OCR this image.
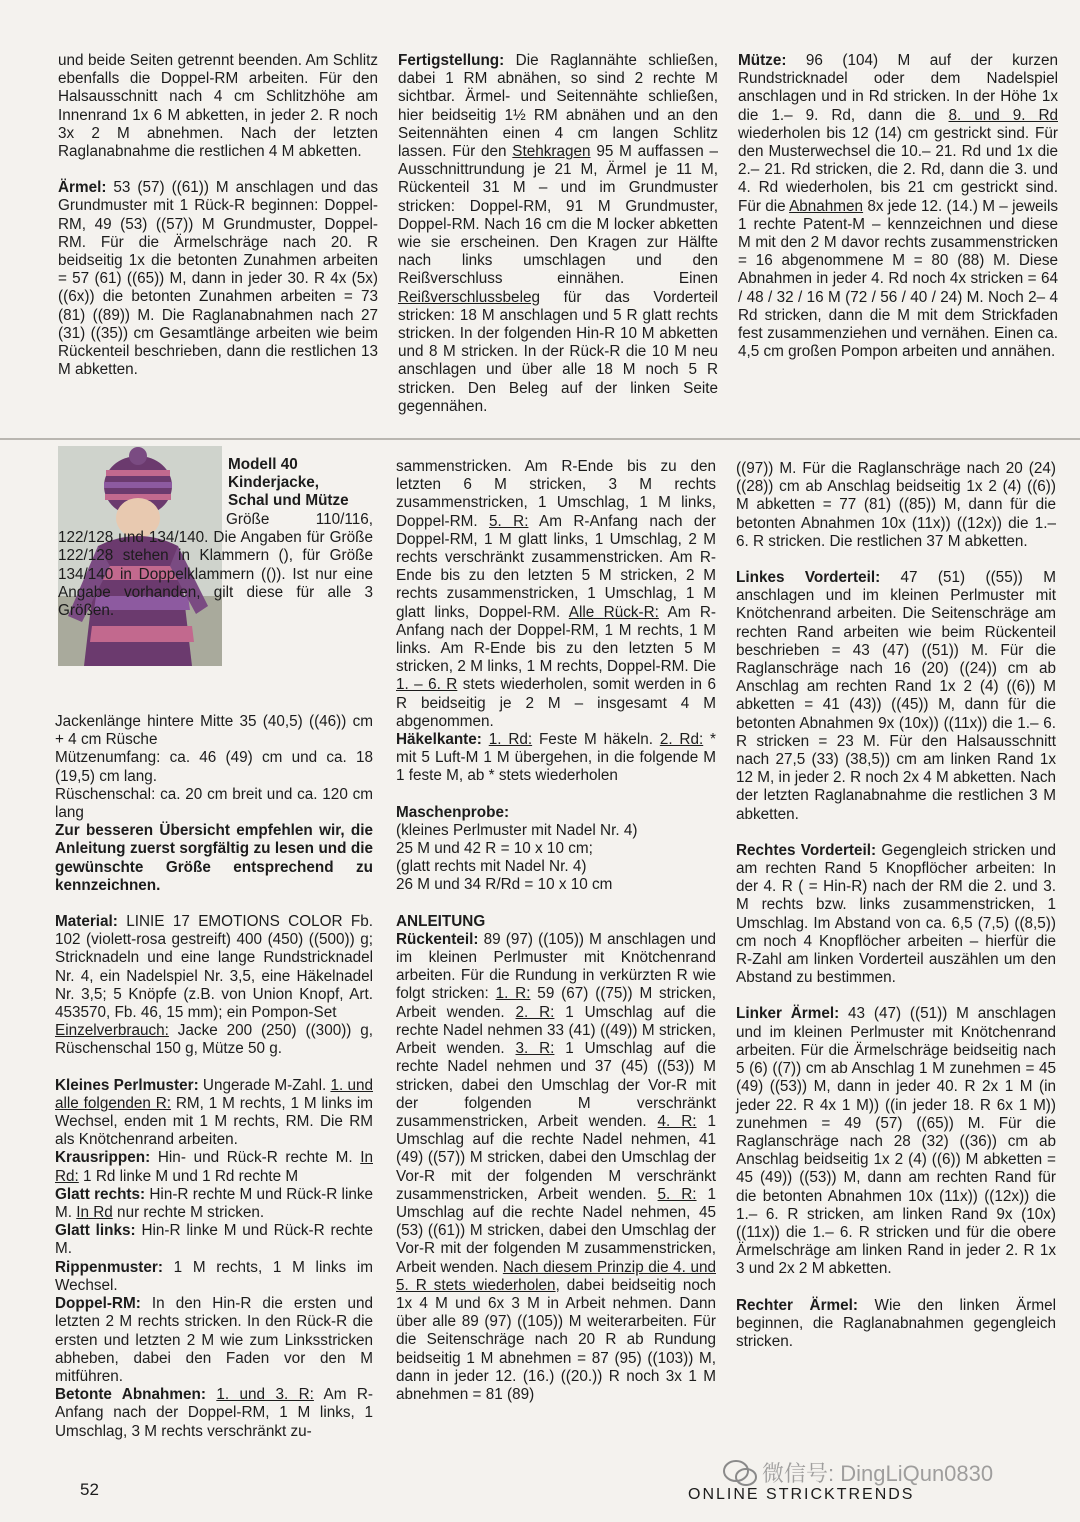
und beide Seiten getrennt beenden. Am Schlitz ebenfalls die Doppel-RM arbeiten. Für den Halsausschnitt nach 4 cm Schlitzhöhe am Innenrand 1x 6 M abketten, in jeder 2. R noch 3x 2 M abnehmen. Nach der letzten Raglanabnahme die restlichen 4 M abketten.

Ärmel: 53 (57) ((61)) M anschlagen und das Grundmuster mit 1 Rück-R beginnen: Doppel-RM, 49 (53) ((57)) M Grundmuster, Doppel-RM. Für die Ärmelschräge nach 20. R beidseitig 1x die betonten Zunahmen arbeiten = 57 (61) ((65)) M, dann in jeder 30. R 4x (5x) ((6x)) die betonten Zunahmen arbeiten = 73 (81) ((89)) M. Die Raglanabnahmen nach 27 (31) ((35)) cm Gesamtlänge arbeiten wie beim Rückenteil beschrieben, dann die restlichen 13 M abketten.

Fertigstellung: Die Raglannähte schließen, dabei 1 RM abnähen, so sind 2 rechte M sichtbar. Ärmel- und Seitennähte schließen, hier beidseitig 1½ RM abnähen und an den Seitennähten einen 4 cm langen Schlitz lassen. Für den Stehkragen 95 M auffassen – Ausschnittrundung je 21 M, Ärmel je 11 M, Rückenteil 31 M – und im Grundmuster stricken: Doppel-RM, 91 M Grundmuster, Doppel-RM. Nach 16 cm die M locker abketten wie sie erscheinen. Den Kragen zur Hälfte nach links umschlagen und den Reißverschluss einnähen. Einen Reißverschlussbeleg für das Vorderteil stricken: 18 M anschlagen und 5 R glatt rechts stricken. In der folgenden Hin-R 10 M abketten und 8 M stricken. In der Rück-R die 10 M neu anschlagen und über alle 18 M noch 5 R stricken. Den Beleg auf der linken Seite gegennähen.

Mütze: 96 (104) M auf der kurzen Rundstricknadel oder dem Nadelspiel anschlagen und in Rd stricken. In der Höhe 1x die 1.– 9. Rd, dann die 8. und 9. Rd wiederholen bis 12 (14) cm gestrickt sind. Für den Musterwechsel die 10.– 21. Rd und 1x die 2.– 21. Rd stricken, die 2. Rd, dann die 3. und 4. Rd wiederholen, bis 21 cm gestrickt sind. Für die Abnahmen 8x jede 12. (14.) M – jeweils 1 rechte Patent-M – kennzeichnen und diese M mit den 2 M davor rechts zusammenstricken = 16 abgenommene M = 80 (88) M. Diese Abnahmen in jeder 4. Rd noch 4x stricken = 64 / 48 / 32 / 16 M (72 / 56 / 40 / 24) M. Noch 2– 4 Rd stricken, dann die M mit dem Strickfaden fest zusammenziehen und vernähen. Einen ca. 4,5 cm großen Pompon arbeiten und annähen.

Modell 40
Kinderjacke,
Schal und Mütze
Größe 110/116, 122/128 und 134/140. Die Angaben für Größe 122/128 stehen in Klammern (), für Größe 134/140 in Doppelklammern (()). Ist nur eine Angabe vorhanden, gilt diese für alle 3 Größen.

Jackenlänge hintere Mitte 35 (40,5) ((46)) cm + 4 cm Rüsche

Mützenumfang: ca. 46 (49) cm und ca. 18 (19,5) cm lang.

Rüschenschal: ca. 20 cm breit und ca. 120 cm lang

Zur besseren Übersicht empfehlen wir, die Anleitung zuerst sorgfältig zu lesen und die gewünschte Größe entsprechend zu kennzeichnen.

Material: LINIE 17 EMOTIONS COLOR Fb. 102 (violett-rosa gestreift) 400 (450) ((500)) g; Stricknadeln und eine lange Rundstricknadel Nr. 4, ein Nadelspiel Nr. 3,5, eine Häkelnadel Nr. 3,5; 5 Knöpfe (z.B. von Union Knopf, Art. 453570, Fb. 46, 15 mm); ein Pompon-Set
Einzelverbrauch: Jacke 200 (250) ((300)) g, Rüschenschal 150 g, Mütze 50 g.

Kleines Perlmuster: Ungerade M-Zahl. 1. und alle folgenden R: RM, 1 M rechts, 1 M links im Wechsel, enden mit 1 M rechts, RM. Die RM als Knötchenrand arbeiten.

Krausrippen: Hin- und Rück-R rechte M. In Rd: 1 Rd linke M und 1 Rd rechte M

Glatt rechts: Hin-R rechte M und Rück-R linke M. In Rd nur rechte M stricken.

Glatt links: Hin-R linke M und Rück-R rechte M.

Rippenmuster: 1 M rechts, 1 M links im Wechsel.

Doppel-RM: In den Hin-R die ersten und letzten 2 M rechts stricken. In den Rück-R die ersten und letzten 2 M wie zum Linksstricken abheben, dabei den Faden vor den M mitführen.

Betonte Abnahmen: 1. und 3. R: Am R-Anfang nach der Doppel-RM, 1 M links, 1 Umschlag, 3 M rechts verschränkt zu-

sammenstricken. Am R-Ende bis zu den letzten 6 M stricken, 3 M rechts zusammenstricken, 1 Umschlag, 1 M links, Doppel-RM. 5. R: Am R-Anfang nach der Doppel-RM, 1 M glatt links, 1 Umschlag, 2 M rechts verschränkt zusammenstricken. Am R-Ende bis zu den letzten 5 M stricken, 2 M rechts zusammenstricken, 1 Umschlag, 1 M glatt links, Doppel-RM. Alle Rück-R: Am R-Anfang nach der Doppel-RM, 1 M rechts, 1 M links. Am R-Ende bis zu den letzten 5 M stricken, 2 M links, 1 M rechts, Doppel-RM. Die 1. – 6. R stets wiederholen, somit werden in 6 R beidseitig je 2 M – insgesamt 4 M abgenommen.
Häkelkante: 1. Rd: Feste M häkeln. 2. Rd: * mit 5 Luft-M 1 M übergehen, in die folgende M 1 feste M, ab * stets wiederholen

Maschenprobe:
(kleines Perlmuster mit Nadel Nr. 4)
25 M und 42 R = 10 x 10 cm;
(glatt rechts mit Nadel Nr. 4)
26 M und 34 R/Rd = 10 x 10 cm

ANLEITUNG

Rückenteil: 89 (97) ((105)) M anschlagen und im kleinen Perlmuster mit Knötchenrand arbeiten. Für die Rundung in verkürzten R wie folgt stricken: 1. R: 59 (67) ((75)) M stricken, Arbeit wenden. 2. R: 1 Umschlag auf die rechte Nadel nehmen 33 (41) ((49)) M stricken, Arbeit wenden. 3. R: 1 Umschlag auf die rechte Nadel nehmen und 37 (45) ((53)) M stricken, dabei den Umschlag der Vor-R mit der folgenden M verschränkt zusammenstricken, Arbeit wenden. 4. R: 1 Umschlag auf die rechte Nadel nehmen, 41 (49) ((57)) M stricken, dabei den Umschlag der Vor-R mit der folgenden M verschränkt zusammenstricken, Arbeit wenden. 5. R: 1 Umschlag auf die rechte Nadel nehmen, 45 (53) ((61)) M stricken, dabei den Umschlag der Vor-R mit der folgenden M zusammenstricken, Arbeit wenden. Nach diesem Prinzip die 4. und 5. R stets wiederholen, dabei beidseitig noch 1x 4 M und 6x 3 M in Arbeit nehmen. Dann über alle 89 (97) ((105)) M weiterarbeiten. Für die Seitenschräge nach 20 R ab Rundung beidseitig 1 M abnehmen = 87 (95) ((103)) M, dann in jeder 12. (16.) ((20.)) R noch 3x 1 M abnehmen = 81 (89)

((97)) M. Für die Raglanschräge nach 20 (24) ((28)) cm ab Anschlag beidseitig 1x 2 (4) ((6)) M abketten = 77 (81) ((85)) M, dann für die betonten Abnahmen 10x (11x)) ((12x)) die 1.– 6. R stricken. Die restlichen 37 M abketten.

Linkes Vorderteil: 47 (51) ((55)) M anschlagen und im kleinen Perlmuster mit Knötchenrand arbeiten. Die Seitenschräge am rechten Rand arbeiten wie beim Rückenteil beschrieben = 43 (47) ((51)) M. Für die Raglanschräge nach 16 (20) ((24)) cm ab Anschlag am rechten Rand 1x 2 (4) ((6)) M abketten = 41 (43)) ((45)) M, dann für die betonten Abnahmen 9x (10x)) ((11x)) die 1.– 6. R stricken = 23 M. Für den Halsausschnitt nach 27,5 (33) (38,5)) cm am linken Rand 1x 12 M, in jeder 2. R noch 2x 4 M abketten. Nach der letzten Raglanabnahme die restlichen 3 M abketten.

Rechtes Vorderteil: Gegengleich stricken und am rechten Rand 5 Knopflöcher arbeiten: In der 4. R ( = Hin-R) nach der RM die 2. und 3. M rechts bzw. links zusammenstricken, 1 Umschlag. Im Abstand von ca. 6,5 (7,5) ((8,5)) cm noch 4 Knopflöcher arbeiten – hierfür die R-Zahl am linken Vorderteil auszählen um den Abstand zu bestimmen.

Linker Ärmel: 43 (47) ((51)) M anschlagen und im kleinen Perlmuster mit Knötchenrand arbeiten. Für die Ärmelschräge beidseitig nach 5 (6) ((7)) cm ab Anschlag 1 M zunehmen = 45 (49) ((53)) M, dann in jeder 40. R 2x 1 M (in jeder 22. R 4x 1 M)) ((in jeder 18. R 6x 1 M)) zunehmen = 49 (57) ((65)) M. Für die Raglanschräge nach 28 (32) ((36)) cm ab Anschlag beidseitig 1x 2 (4) ((6)) M abketten = 45 (49)) ((53)) M, dann am rechten Rand für die betonten Abnahmen 10x (11x)) ((12x)) die 1.– 6. R stricken, am linken Rand 9x (10x) ((11x)) die 1.– 6. R stricken und für die obere Ärmelschräge am linken Rand in jeder 2. R 1x 3 und 2x 2 M abketten.

Rechter Ärmel: Wie den linken Ärmel beginnen, die Raglanabnahmen gegengleich stricken.

52
微信号: DingLiQun0830
ONLINE STRICKTRENDS
